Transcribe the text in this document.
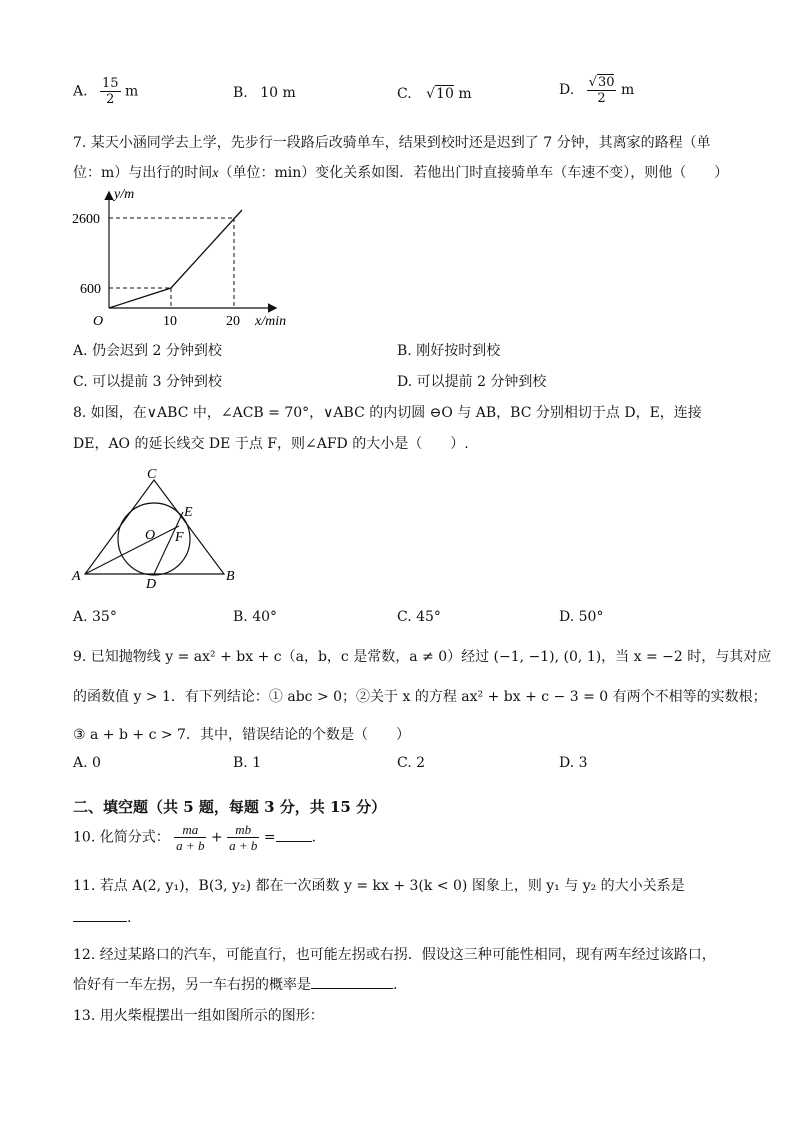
A. $\frac{15}{2}$ m	B. 10 m	C. √10 m	D. $\frac{√30}{2}$ m
7. 某天小涵同学去上学，先步行一段路后改骑单车，结果到校时还是迟到了 7 分钟，其离家的路程（单
位：m）与出行的时间x（单位：min）变化关系如图．若他出门时直接骑单车（车速不变），则他（　　）
y/m
2600
600
O	10	20 x/min
A. 仍会迟到 2 分钟到校	B. 刚好按时到校
C. 可以提前 3 分钟到校	D. 可以提前 2 分钟到校
8. 如图，在∨ABC 中，∠ACB = 70°，∨ABC 的内切圆 ⊖O 与 AB，BC 分别相切于点 D，E，连接
DE，AO 的延长线交 DE 于点 F，则∠AFD 的大小是（　　）.
C
E
O F
A
D
B
A. 35°	B. 40°	C. 45°	D. 50°
9. 已知抛物线 y = ax² + bx + c（a，b，c 是常数，a ≠ 0）经过 (−1, −1), (0, 1)，当 x = −2 时，与其对应
的函数值 y > 1．有下列结论：① abc > 0；②关于 x 的方程 ax² + bx + c − 3 = 0 有两个不相等的实数根；
③ a + b + c > 7．其中，错误结论的个数是（　　）
A. 0	B. 1	C. 2	D. 3
二、填空题（共 5 题，每题 3 分，共 15 分）
10. 化简分式： $\frac{ma}{a + b} + \frac{mb}{a + b}$ =	.
11. 若点 A(2, y₁)，B(3, y₂) 都在一次函数 y = kx + 3(k < 0) 图象上，则 y₁ 与 y₂ 的大小关系是
.
12. 经过某路口的汽车，可能直行，也可能左拐或右拐．假设这三种可能性相同，现有两车经过该路口，
恰好有一车左拐，另一车右拐的概率是	.
13. 用火柴棍摆出一组如图所示的图形：
